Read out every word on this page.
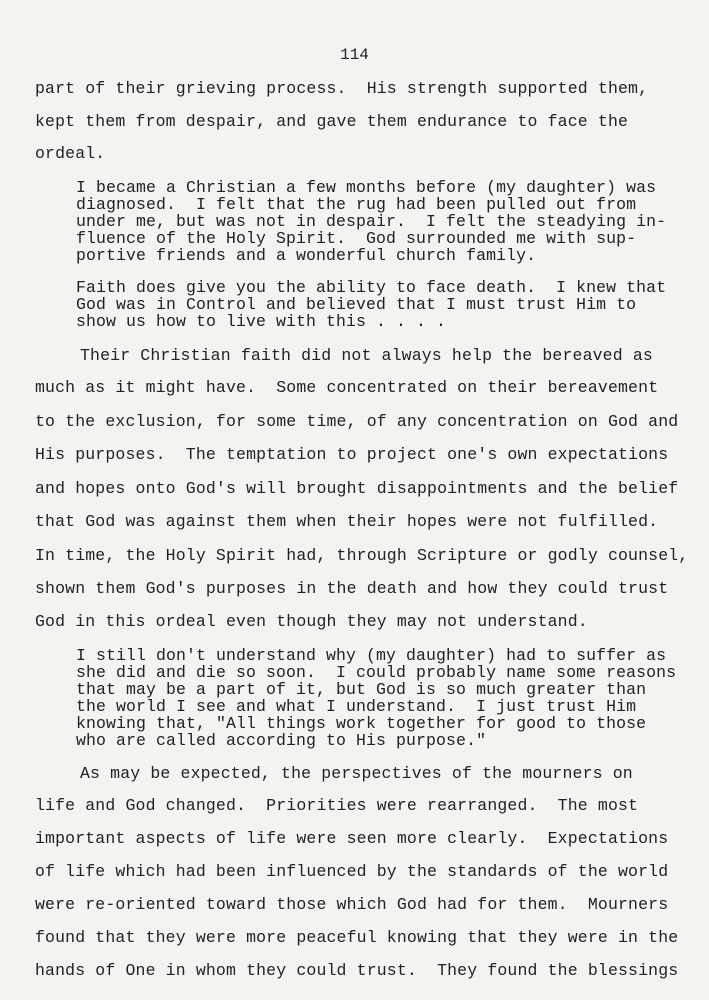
114
part of their grieving process.  His strength supported them,
kept them from despair, and gave them endurance to face the
ordeal.
I became a Christian a few months before (my daughter) was
diagnosed.  I felt that the rug had been pulled out from
under me, but was not in despair.  I felt the steadying in-
fluence of the Holy Spirit.  God surrounded me with sup-
portive friends and a wonderful church family.
Faith does give you the ability to face death.  I knew that
God was in Control and believed that I must trust Him to
show us how to live with this . . . .
Their Christian faith did not always help the bereaved as
much as it might have.  Some concentrated on their bereavement
to the exclusion, for some time, of any concentration on God and
His purposes.  The temptation to project one's own expectations
and hopes onto God's will brought disappointments and the belief
that God was against them when their hopes were not fulfilled.
In time, the Holy Spirit had, through Scripture or godly counsel,
shown them God's purposes in the death and how they could trust
God in this ordeal even though they may not understand.
I still don't understand why (my daughter) had to suffer as
she did and die so soon.  I could probably name some reasons
that may be a part of it, but God is so much greater than
the world I see and what I understand.  I just trust Him
knowing that, "All things work together for good to those
who are called according to His purpose."
As may be expected, the perspectives of the mourners on
life and God changed.  Priorities were rearranged.  The most
important aspects of life were seen more clearly.  Expectations
of life which had been influenced by the standards of the world
were re-oriented toward those which God had for them.  Mourners
found that they were more peaceful knowing that they were in the
hands of One in whom they could trust.  They found the blessings
